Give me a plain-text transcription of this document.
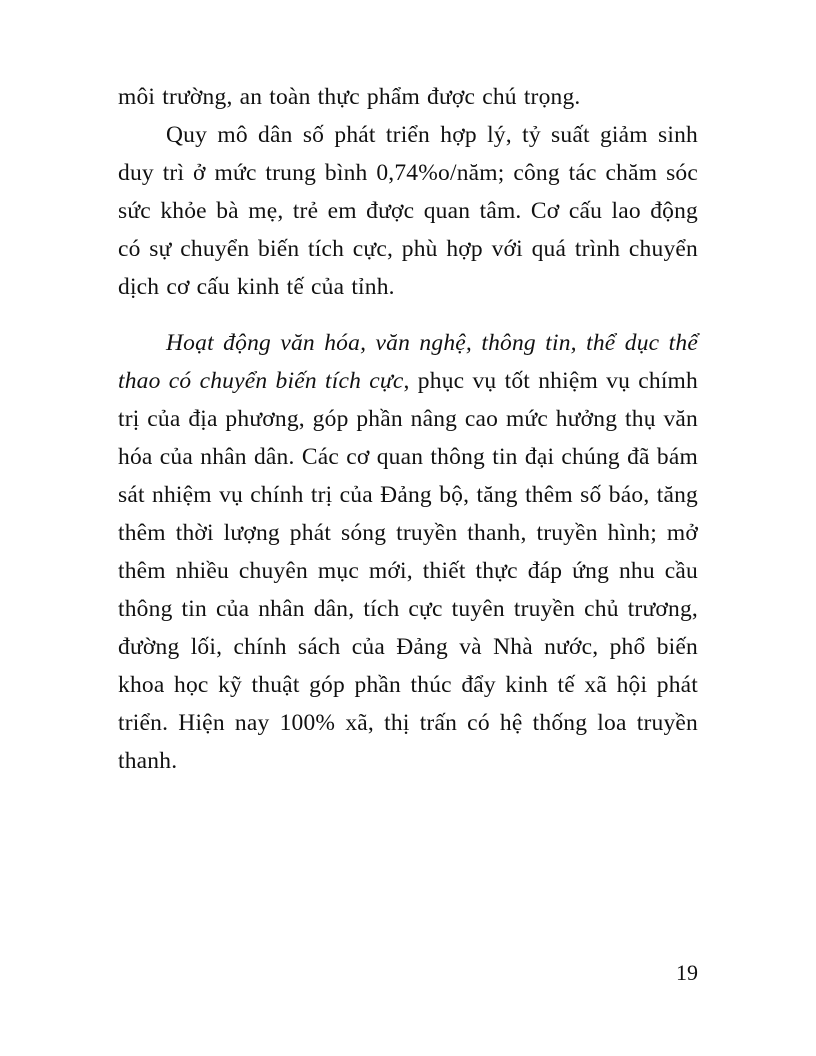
môi trường, an toàn thực phẩm được chú trọng.

Quy mô dân số phát triển hợp lý, tỷ suất giảm sinh duy trì ở mức trung bình 0,74%o/năm; công tác chăm sóc sức khỏe bà mẹ, trẻ em được quan tâm. Cơ cấu lao động có sự chuyển biến tích cực, phù hợp với quá trình chuyển dịch cơ cấu kinh tế của tỉnh.

Hoạt động văn hóa, văn nghệ, thông tin, thể dục thể thao có chuyển biến tích cực, phục vụ tốt nhiệm vụ chímh trị của địa phương, góp phần nâng cao mức hưởng thụ văn hóa của nhân dân. Các cơ quan thông tin đại chúng đã bám sát nhiệm vụ chính trị của Đảng bộ, tăng thêm số báo, tăng thêm thời lượng phát sóng truyền thanh, truyền hình; mở thêm nhiều chuyên mục mới, thiết thực đáp ứng nhu cầu thông tin của nhân dân, tích cực tuyên truyền chủ trương, đường lối, chính sách của Đảng và Nhà nước, phổ biến khoa học kỹ thuật góp phần thúc đẩy kinh tế xã hội phát triển. Hiện nay 100% xã, thị trấn có hệ thống loa truyền thanh.

19
